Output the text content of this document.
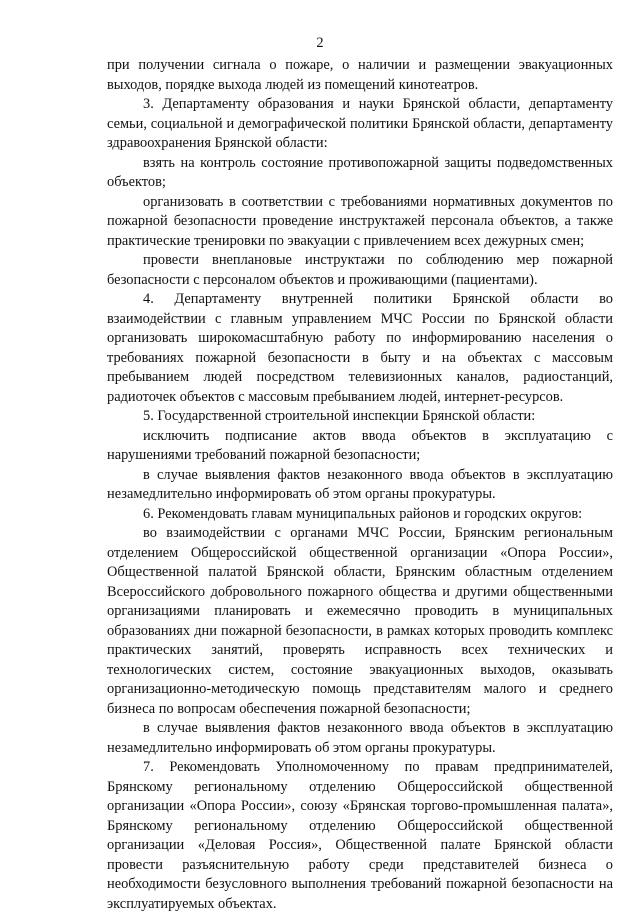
2

при получении сигнала о пожаре, о наличии и размещении эвакуационных выходов, порядке выхода людей из помещений кинотеатров.

3. Департаменту образования и науки Брянской области, департаменту семьи, социальной и демографической политики Брянской области, департаменту здравоохранения Брянской области:

взять на контроль состояние противопожарной защиты подведомственных объектов;

организовать в соответствии с требованиями нормативных документов по пожарной безопасности проведение инструктажей персонала объектов, а также практические тренировки по эвакуации с привлечением всех дежурных смен;

провести внеплановые инструктажи по соблюдению мер пожарной безопасности с персоналом объектов и проживающими (пациентами).

4. Департаменту внутренней политики Брянской области во взаимодействии с главным управлением МЧС России по Брянской области организовать широкомасштабную работу по информированию населения о требованиях пожарной безопасности в быту и на объектах с массовым пребыванием людей посредством телевизионных каналов, радиостанций, радиоточек объектов с массовым пребыванием людей, интернет-ресурсов.

5. Государственной строительной инспекции Брянской области:

исключить подписание актов ввода объектов в эксплуатацию с нарушениями требований пожарной безопасности;

в случае выявления фактов незаконного ввода объектов в эксплуатацию незамедлительно информировать об этом органы прокуратуры.

6. Рекомендовать главам муниципальных районов и городских округов:

во взаимодействии с органами МЧС России, Брянским региональным отделением Общероссийской общественной организации «Опора России», Общественной палатой Брянской области, Брянским областным отделением Всероссийского добровольного пожарного общества и другими общественными организациями планировать и ежемесячно проводить в муниципальных образованиях дни пожарной безопасности, в рамках которых проводить комплекс практических занятий, проверять исправность всех технических и технологических систем, состояние эвакуационных выходов, оказывать организационно-методическую помощь представителям малого и среднего бизнеса по вопросам обеспечения пожарной безопасности;

в случае выявления фактов незаконного ввода объектов в эксплуатацию незамедлительно информировать об этом органы прокуратуры.

7. Рекомендовать Уполномоченному по правам предпринимателей, Брянскому региональному отделению Общероссийской общественной организации «Опора России», союзу «Брянская торгово-промышленная палата», Брянскому региональному отделению Общероссийской общественной организации «Деловая Россия», Общественной палате Брянской области провести разъяснительную работу среди представителей бизнеса о необходимости безусловного выполнения требований пожарной безопасности на эксплуатируемых объектах.
